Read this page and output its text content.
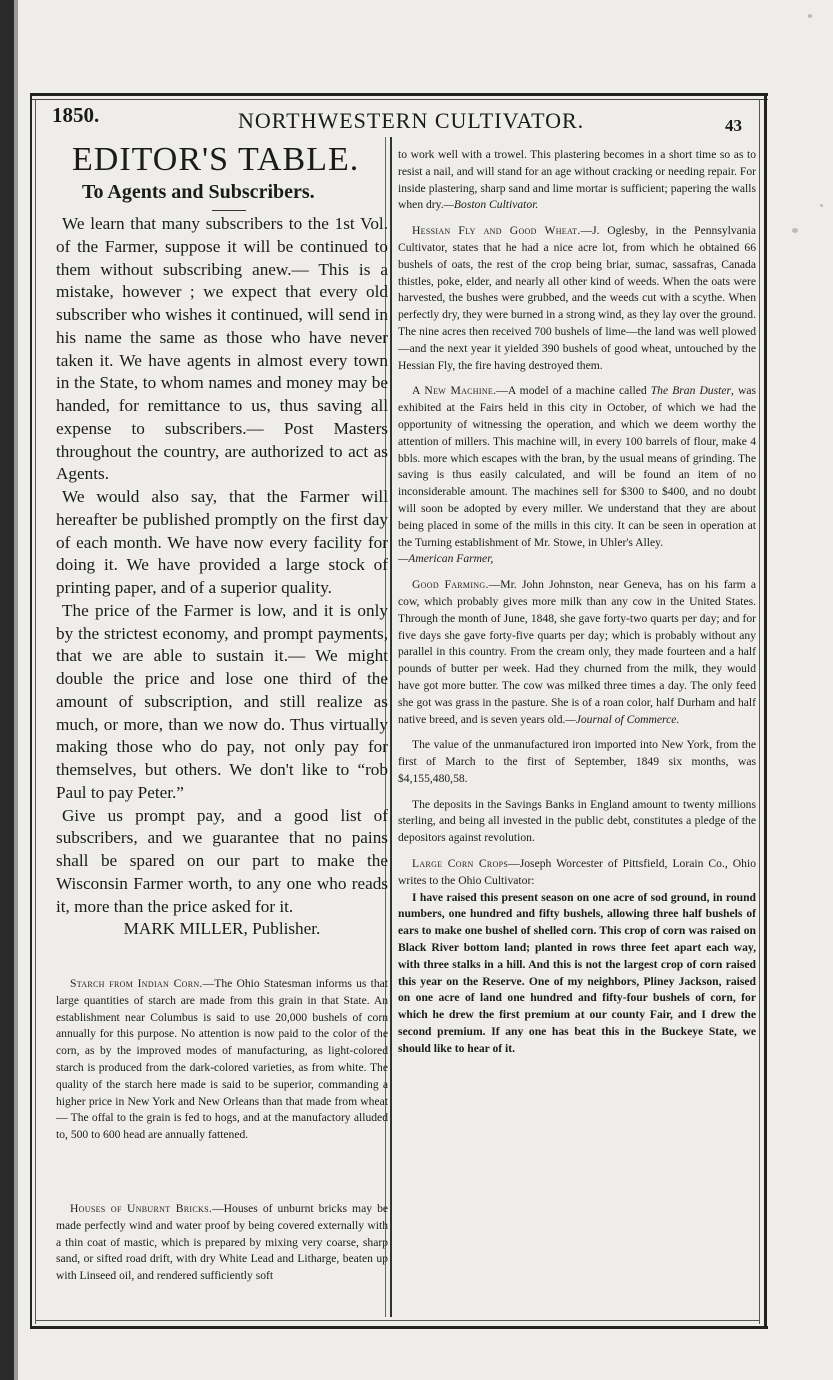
1850.	NORTHWESTERN CULTIVATOR.	43
EDITOR'S TABLE.
To Agents and Subscribers.

We learn that many subscribers to the 1st Vol. of the Farmer, suppose it will be continued to them without subscribing anew.— This is a mistake, however ; we expect that every old subscriber who wishes it continued, will send in his name the same as those who have never taken it. We have agents in almost every town in the State, to whom names and money may be handed, for remittance to us, thus saving all expense to subscribers.— Post Masters throughout the country, are authorized to act as Agents.

We would also say, that the Farmer will hereafter be published promptly on the first day of each month. We have now every facility for doing it. We have provided a large stock of printing paper, and of a superior quality.

The price of the Farmer is low, and it is only by the strictest economy, and prompt payments, that we are able to sustain it.— We might double the price and lose one third of the amount of subscription, and still realize as much, or more, than we now do. Thus virtually making those who do pay, not only pay for themselves, but others. We don't like to “rob Paul to pay Peter.”

Give us prompt pay, and a good list of subscribers, and we guarantee that no pains shall be spared on our part to make the Wisconsin Farmer worth, to any one who reads it, more than the price asked for it.

MARK MILLER, Publisher.

Starch from Indian Corn.—The Ohio Statesman informs us that large quantities of starch are made from this grain in that State. An establishment near Columbus is said to use 20,000 bushels of corn annually for this purpose. No attention is now paid to the color of the corn, as by the improved modes of manufacturing, as light-colored starch is produced from the dark-colored varieties, as from white. The quality of the starch here made is said to be superior, commanding a higher price in New York and New Orleans than that made from wheat— The offal to the grain is fed to hogs, and at the manufactory alluded to, 500 to 600 head are annually fattened.

Houses of Unburnt Bricks.—Houses of unburnt bricks may be made perfectly wind and water proof by being covered externally with a thin coat of mastic, which is prepared by mixing very coarse, sharp sand, or sifted road drift, with dry White Lead and Litharge, beaten up with Linseed oil, and rendered sufficiently soft

to work well with a trowel. This plastering becomes in a short time so as to resist a nail, and will stand for an age without cracking or needing repair. For inside plastering, sharp sand and lime mortar is sufficient; papering the walls when dry.—Boston Cultivator.

Hessian Fly and Good Wheat.—J. Oglesby, in the Pennsylvania Cultivator, states that he had a nice acre lot, from which he obtained 66 bushels of oats, the rest of the crop being briar, sumac, sassafras, Canada thistles, poke, elder, and nearly all other kind of weeds. When the oats were harvested, the bushes were grubbed, and the weeds cut with a scythe. When perfectly dry, they were burned in a strong wind, as they lay over the ground. The nine acres then received 700 bushels of lime—the land was well plowed—and the next year it yielded 390 bushels of good wheat, untouched by the Hessian Fly, the fire having destroyed them.

A New Machine.—A model of a machine called The Bran Duster, was exhibited at the Fairs held in this city in October, of which we had the opportunity of witnessing the operation, and which we deem worthy the attention of millers. This machine will, in every 100 barrels of flour, make 4 bbls. more which escapes with the bran, by the usual means of grinding. The saving is thus easily calculated, and will be found an item of no inconsiderable amount. The machines sell for $300 to $400, and no doubt will soon be adopted by every miller. We understand that they are about being placed in some of the mills in this city. It can be seen in operation at the Turning establishment of Mr. Stowe, in Uhler's Alley.
—American Farmer,

Good Farming.—Mr. John Johnston, near Geneva, has on his farm a cow, which probably gives more milk than any cow in the United States. Through the month of June, 1848, she gave forty-two quarts per day; and for five days she gave forty-five quarts per day; which is probably without any parallel in this country. From the cream only, they made fourteen and a half pounds of butter per week. Had they churned from the milk, they would have got more butter. The cow was milked three times a day. The only feed she got was grass in the pasture. She is of a roan color, half Durham and half native breed, and is seven years old.—Journal of Commerce.

The value of the unmanufactured iron imported into New York, from the first of March to the first of September, 1849 six months, was $4,155,480,58.

The deposits in the Savings Banks in England amount to twenty millions sterling, and being all invested in the public debt, constitutes a pledge of the depositors against revolution.

Large Corn Crops—Joseph Worcester of Pittsfield, Lorain Co., Ohio writes to the Ohio Cultivator:

I have raised this present season on one acre of sod ground, in round numbers, one hundred and fifty bushels, allowing three half bushels of ears to make one bushel of shelled corn. This crop of corn was raised on Black River bottom land; planted in rows three feet apart each way, with three stalks in a hill. And this is not the largest crop of corn raised this year on the Reserve. One of my neighbors, Pliney Jackson, raised on one acre of land one hundred and fifty-four bushels of corn, for which he drew the first premium at our county Fair, and I drew the second premium. If any one has beat this in the Buckeye State, we should like to hear of it.
